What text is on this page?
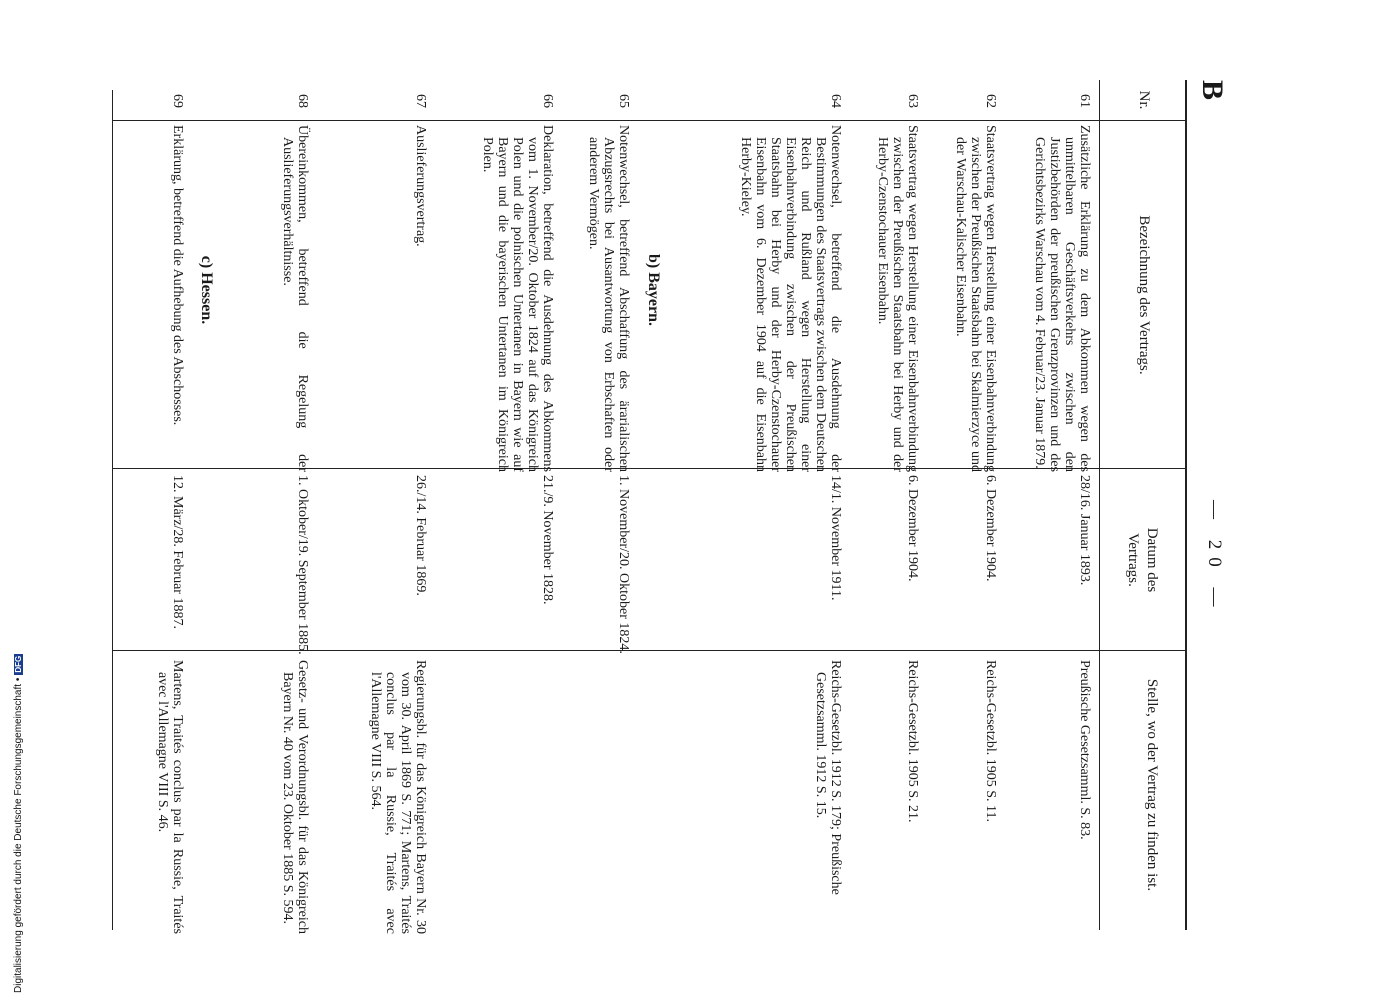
B
— 20 —
Nr.
Bezeichnung des Vertrags.
Datum des Vertrags.
Stelle, wo der Vertrag zu finden ist.
61
Zusätzliche Erklärung zu dem Abkommen wegen des unmittelbaren Geschäftsverkehrs zwischen den Justizbehörden der preußischen Grenzprovinzen und des Gerichtsbezirks Warschau vom 4. Februar/23. Januar 1879.
28/16. Januar 1893.
Preußische Gesetzsamml. S. 83.
62
Staatsvertrag wegen Herstellung einer Eisenbahnverbindung zwischen der Preußischen Staatsbahn bei Skalmierzyce und der Warschau-Kalischer Eisenbahn.
6. Dezember 1904.
Reichs-Gesetzbl. 1905 S. 11.
63
Staatsvertrag wegen Herstellung einer Eisenbahnverbindung zwischen der Preußischen Staatsbahn bei Herby und der Herby-Czenstochauer Eisenbahn.
6. Dezember 1904.
Reichs-Gesetzbl. 1905 S. 21.
64
Notenwechsel, betreffend die Ausdehnung der Bestimmungen des Staatsvertrags zwischen dem Deutschen Reich und Rußland wegen Herstellung einer Eisenbahnverbindung zwischen der Preußischen Staatsbahn bei Herby und der Herby-Czenstochauer Eisenbahn vom 6. Dezember 1904 auf die Eisenbahn Herby-Kieley.
14/1. November 1911.
Reichs-Gesetzbl. 1912 S. 179; Preußische Gesetzsamml. 1912 S. 15.
b) Bayern.
65
Notenwechsel, betreffend Abschaffung des ärarialischen Abzugsrechts bei Ausantwortung von Erbschaften oder anderem Vermögen.
1. November/20. Oktober 1824.
66
Deklaration, betreffend die Ausdehnung des Abkommens vom 1. November/20. Oktober 1824 auf das Königreich Polen und die polnischen Untertanen in Bayern wie auf Bayern und die bayerischen Untertanen im Königreich Polen.
21./9. November 1828.
67
Auslieferungsvertrag.
26./14. Februar 1869.
Regierungsbl. für das Königreich Bayern Nr. 30 vom 30. April 1869 S. 771; Martens, Traités conclus par la Russie, Traités avec l'Allemagne VIII S. 564.
68
Übereinkommen, betreffend die Regelung der Auslieferungsverhältnisse.
1. Oktober/19. September 1885.
Gesetz- und Verordnungsbl. für das Königreich Bayern Nr. 40 vom 23. Oktober 1885 S. 594.
c) Hessen.
69
Erklärung, betreffend die Aufhebung des Abschosses.
12. März/28. Februar 1887.
Martens, Traités conclus par la Russie, Traités avec l'Allemagne VIII S. 46.
Digitalisierung gefördert durch die Deutsche Forschungsgemeinschaft •DFG
